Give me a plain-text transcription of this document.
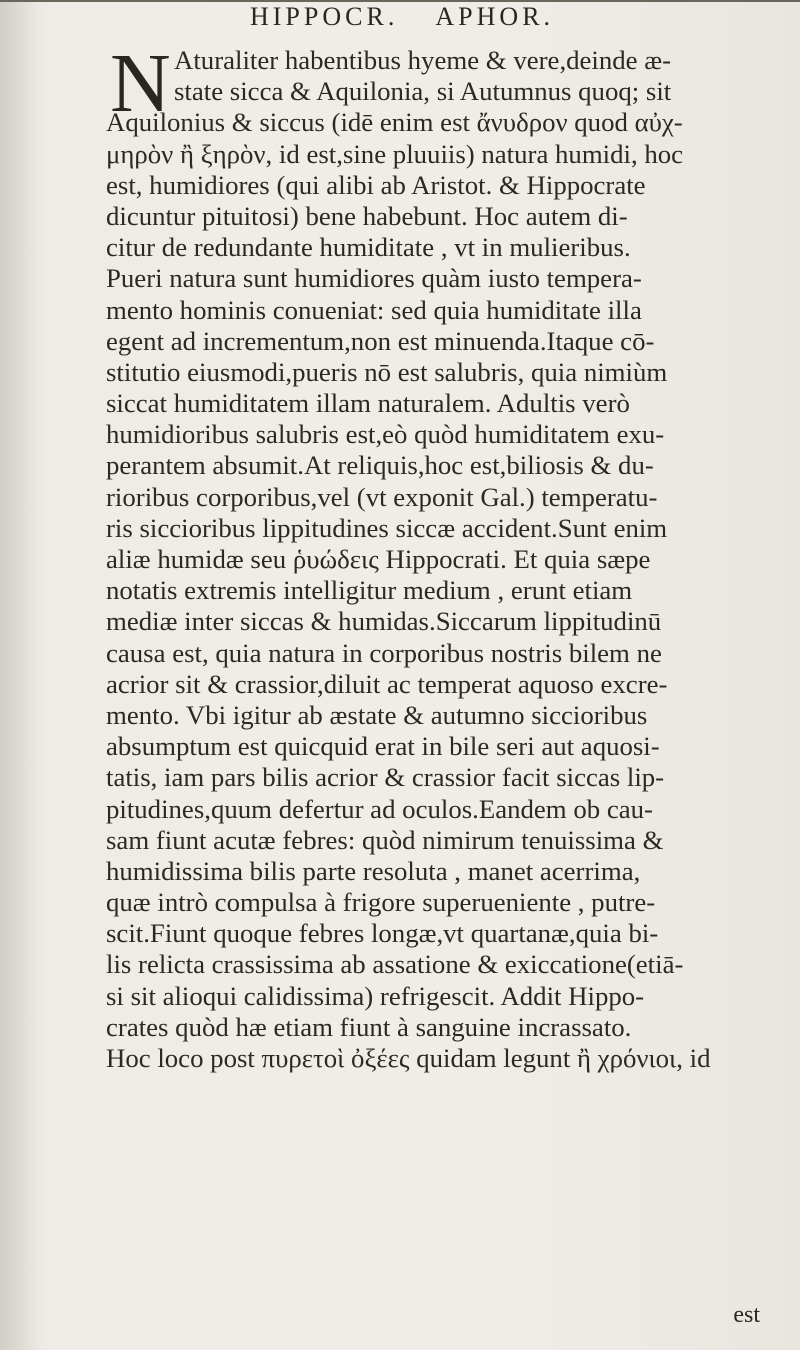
HIPPOCR. APHOR.
N Aturaliter habentibus hyeme & vere,deinde æ-
state sicca & Aquilonia, si Autumnus quoq; sit
Aquilonius & siccus (idē enim est ἄνυδρον quod αὐχ-
μηρὸν ἢ ξηρὸν, id est,sine pluuiis) natura humidi, hoc
est, humidiores (qui alibi ab Aristot. & Hippocrate
dicuntur pituitosi) bene habebunt. Hoc autem di-
citur de redundante humiditate , vt in mulieribus.
Pueri natura sunt humidiores quàm iusto tempera-
mento hominis conueniat: sed quia humiditate illa
egent ad incrementum,non est minuenda.Itaque cō-
stitutio eiusmodi,pueris nō est salubris, quia nimiùm
siccat humiditatem illam naturalem. Adultis verò
humidioribus salubris est,eò quòd humiditatem exu-
perantem absumit.At reliquis,hoc est,biliosis & du-
rioribus corporibus,vel (vt exponit Gal.) temperatu-
ris siccioribus lippitudines siccæ accident.Sunt enim
aliæ humidæ seu ῥυώδεις Hippocrati. Et quia sæpe
notatis extremis intelligitur medium , erunt etiam
mediæ inter siccas & humidas.Siccarum lippitudinū
causa est, quia natura in corporibus nostris bilem ne
acrior sit & crassior,diluit ac temperat aquoso excre-
mento. Vbi igitur ab æstate & autumno siccioribus
absumptum est quicquid erat in bile seri aut aquosi-
tatis, iam pars bilis acrior & crassior facit siccas lip-
pitudines,quum defertur ad oculos.Eandem ob cau-
sam fiunt acutæ febres: quòd nimirum tenuissima &
humidissima bilis parte resoluta , manet acerrima,
quæ intrò compulsa à frigore superueniente , putre-
scit.Fiunt quoque febres longæ,vt quartanæ,quia bi-
lis relicta crassissima ab assatione & exiccatione(etiā-
si sit alioqui calidissima) refrigescit. Addit Hippo-
crates quòd hæ etiam fiunt à sanguine incrassato.
Hoc loco post πυρετοὶ ὀξέες quidam legunt ἢ χρόνιοι, id
est
